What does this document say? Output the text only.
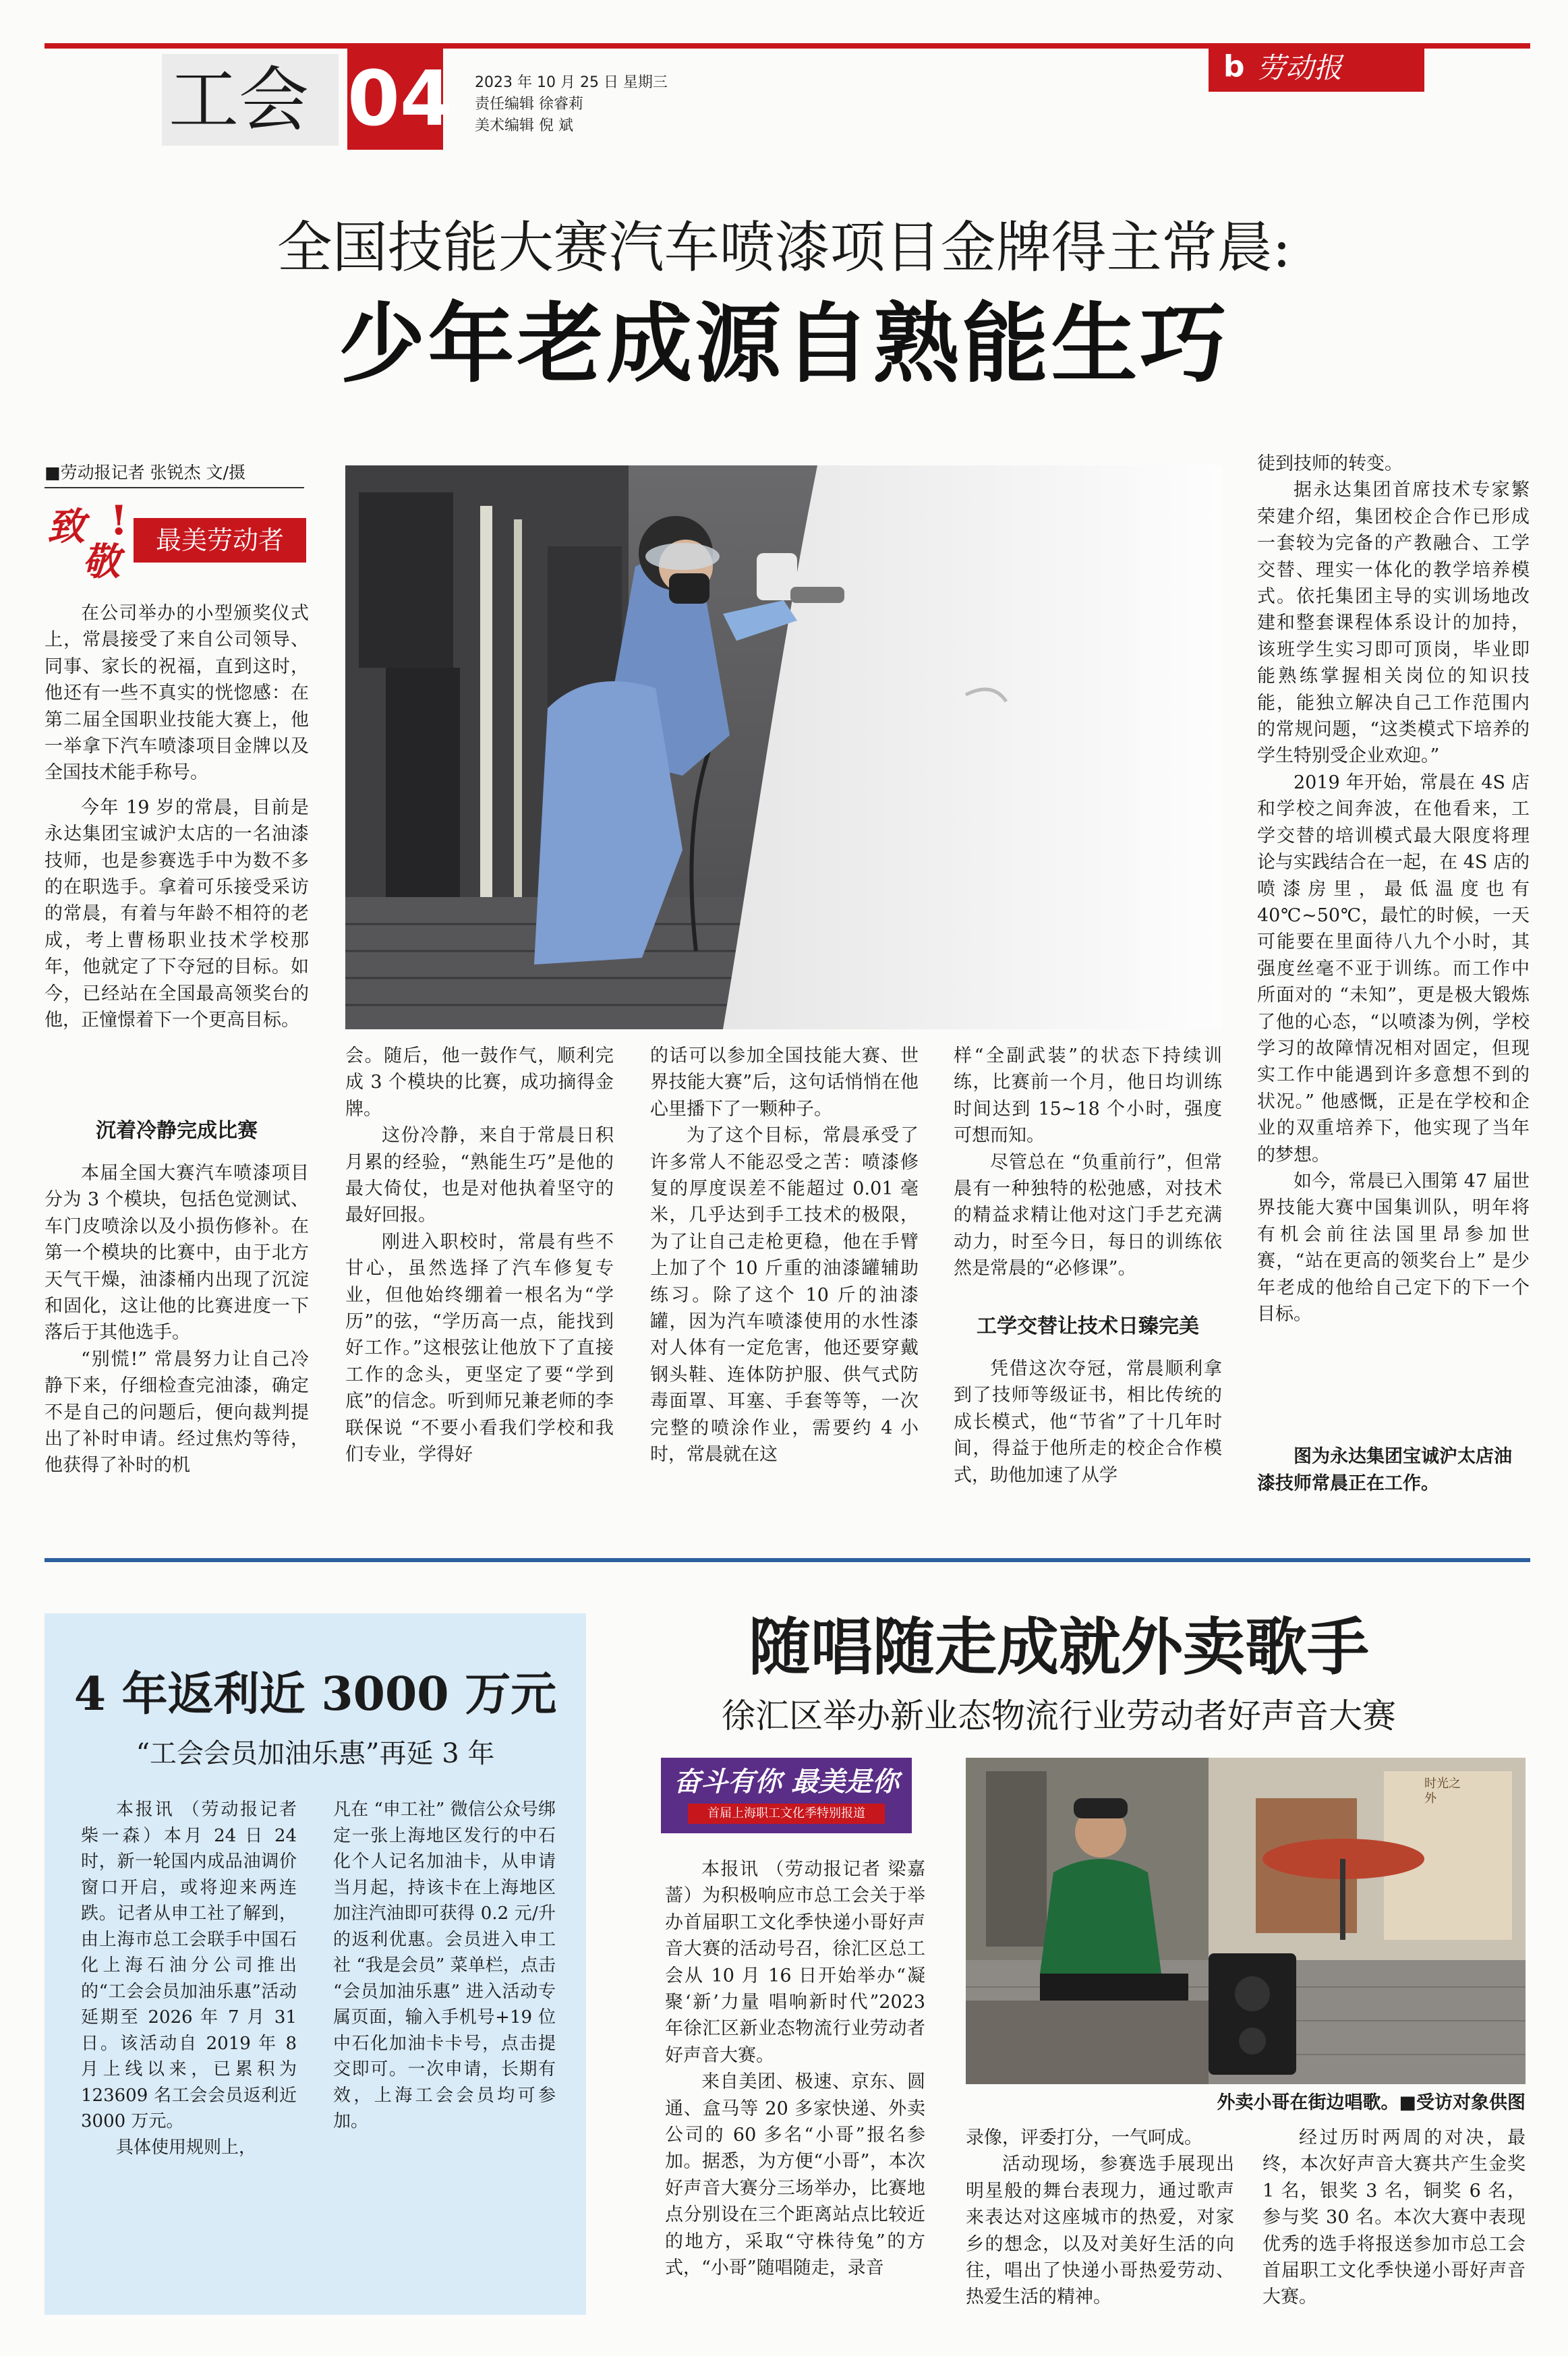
工会 04 2023 年 10 月 25 日 星期三
责任编辑 徐睿莉
美术编辑 倪 斌
b 劳动报
全国技能大赛汽车喷漆项目金牌得主常晨:
少年老成源自熟能生巧
■劳动报记者 张锐杰 文/摄
致 !
敬	最美劳动者

在公司举办的小型颁奖仪式上，常晨接受了来自公司领导、同事、家长的祝福，直到这时，他还有一些不真实的恍惚感：在第二届全国职业技能大赛上，他一举拿下汽车喷漆项目金牌以及全国技术能手称号。

今年 19 岁的常晨，目前是永达集团宝诚沪太店的一名油漆技师，也是参赛选手中为数不多的在职选手。拿着可乐接受采访的常晨，有着与年龄不相符的老成，考上曹杨职业技术学校那年，他就定了下夺冠的目标。如今，已经站在全国最高领奖台的他，正憧憬着下一个更高目标。

沉着冷静完成比赛

本届全国大赛汽车喷漆项目分为 3 个模块，包括色觉测试、车门皮喷涂以及小损伤修补。在第一个模块的比赛中，由于北方天气干燥，油漆桶内出现了沉淀和固化，这让他的比赛进度一下落后于其他选手。

“别慌!” 常晨努力让自己冷静下来，仔细检查完油漆，确定不是自己的问题后，便向裁判提出了补时申请。经过焦灼等待，他获得了补时的机

会。随后，他一鼓作气，顺利完成 3 个模块的比赛，成功摘得金牌。

这份冷静，来自于常晨日积月累的经验，“熟能生巧”是他的最大倚仗，也是对他执着坚守的最好回报。

刚进入职校时，常晨有些不甘心，虽然选择了汽车修复专业，但他始终绷着一根名为“学历”的弦，“学历高一点，能找到好工作。”这根弦让他放下了直接工作的念头，更坚定了要“学到底”的信念。听到师兄兼老师的李联保说 “不要小看我们学校和我们专业，学得好

的话可以参加全国技能大赛、世界技能大赛”后，这句话悄悄在他心里播下了一颗种子。

为了这个目标，常晨承受了许多常人不能忍受之苦：喷漆修复的厚度误差不能超过 0.01 毫米，几乎达到手工技术的极限，为了让自己走枪更稳，他在手臂上加了个 10 斤重的油漆罐辅助练习。除了这个 10 斤的油漆罐，因为汽车喷漆使用的水性漆对人体有一定危害，他还要穿戴钢头鞋、连体防护服、供气式防毒面罩、耳塞、手套等等，一次完整的喷涂作业，需要约 4 小时，常晨就在这

样“全副武装”的状态下持续训练，比赛前一个月，他日均训练时间达到 15~18 个小时，强度可想而知。

尽管总在 “负重前行”，但常晨有一种独特的松弛感，对技术的精益求精让他对这门手艺充满动力，时至今日，每日的训练依然是常晨的“必修课”。

工学交替让技术日臻完美

凭借这次夺冠，常晨顺利拿到了技师等级证书，相比传统的成长模式，他“节省”了十几年时间，得益于他所走的校企合作模式，助他加速了从学

徒到技师的转变。

据永达集团首席技术专家繁荣建介绍，集团校企合作已形成一套较为完备的产教融合、工学交替、理实一体化的教学培养模式。依托集团主导的实训场地改建和整套课程体系设计的加持，该班学生实习即可顶岗，毕业即能熟练掌握相关岗位的知识技能，能独立解决自己工作范围内的常规问题，“这类模式下培养的学生特别受企业欢迎。”

2019 年开始，常晨在 4S 店和学校之间奔波，在他看来，工学交替的培训模式最大限度将理论与实践结合在一起，在 4S 店的喷漆房里，最低温度也有 40℃~50℃，最忙的时候，一天可能要在里面待八九个小时，其强度丝毫不亚于训练。而工作中所面对的 “未知”，更是极大锻炼了他的心态，“以喷漆为例，学校学习的故障情况相对固定，但现实工作中能遇到许多意想不到的状况。” 他感慨，正是在学校和企业的双重培养下，他实现了当年的梦想。

如今，常晨已入围第 47 届世界技能大赛中国集训队，明年将有机会前往法国里昂参加世赛，“站在更高的领奖台上” 是少年老成的他给自己定下的下一个目标。

图为永达集团宝诚沪太店油漆技师常晨正在工作。
4 年返利近 3000 万元
“工会会员加油乐惠”再延 3 年

本报讯 （劳动报记者 柴一森）本月 24 日 24 时，新一轮国内成品油调价窗口开启，或将迎来两连跌。记者从申工社了解到，由上海市总工会联手中国石化上海石油分公司推出的“工会会员加油乐惠”活动延期至 2026 年 7 月 31 日。该活动自 2019 年 8 月上线以来，已累积为 123609 名工会会员返利近 3000 万元。

具体使用规则上，

凡在 “申工社” 微信公众号绑定一张上海地区发行的中石化个人记名加油卡，从申请当月起，持该卡在上海地区加注汽油即可获得 0.2 元/升的返利优惠。会员进入申工社 “我是会员” 菜单栏，点击 “会员加油乐惠” 进入活动专属页面，输入手机号+19 位中石化加油卡卡号，点击提交即可。一次申请，长期有效，上海工会会员均可参加。

随唱随走成就外卖歌手
徐汇区举办新业态物流行业劳动者好声音大赛
奋斗有你 最美是你
首届上海职工文化季特别报道

本报讯 （劳动报记者 梁嘉蔷）为积极响应市总工会关于举办首届职工文化季快递小哥好声音大赛的活动号召，徐汇区总工会从 10 月 16 日开始举办“凝聚‘新’力量 唱响新时代”2023 年徐汇区新业态物流行业劳动者好声音大赛。

来自美团、极速、京东、圆通、盒马等 20 多家快递、外卖公司的 60 多名“小哥”报名参加。据悉，为方便“小哥”，本次好声音大赛分三场举办，比赛地点分别设在三个距离站点比较近的地方，采取“守株待兔”的方式，“小哥”随唱随走，录音

时光之外
外卖小哥在街边唱歌。■受访对象供图

录像，评委打分，一气呵成。

活动现场，参赛选手展现出明星般的舞台表现力，通过歌声来表达对这座城市的热爱，对家乡的想念，以及对美好生活的向往，唱出了快递小哥热爱劳动、热爱生活的精神。

经过历时两周的对决，最终，本次好声音大赛共产生金奖 1 名，银奖 3 名，铜奖 6 名，参与奖 30 名。本次大赛中表现优秀的选手将报送参加市总工会首届职工文化季快递小哥好声音大赛。
